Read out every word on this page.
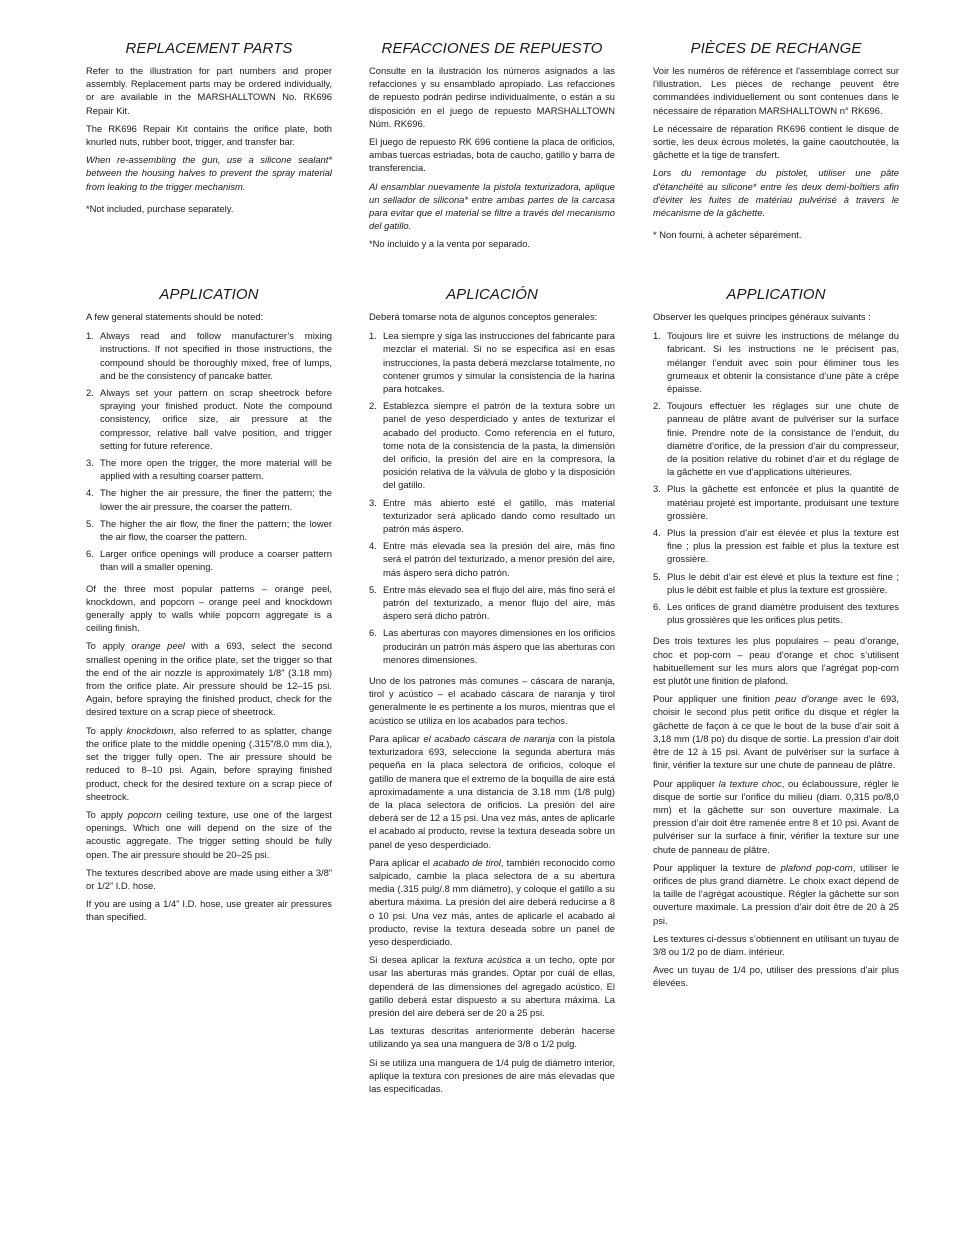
REPLACEMENT PARTS

Refer to the illustration for part numbers and proper assembly. Replacement parts may be ordered individually, or are available in the MARSHALLTOWN No. RK696 Repair Kit.

The RK696 Repair Kit contains the orifice plate, both knurled nuts, rubber boot, trigger, and transfer bar.

When re-assembling the gun, use a silicone sealant* between the housing halves to prevent the spray material from leaking to the trigger mechanism.

*Not included, purchase separately.

REFACCIONES DE REPUESTO

Consulte en la ilustración los números asignados a las refacciones y su ensamblado apropiado. Las refacciones de repuesto podrán pedirse individualmente, o están a su disposición en el juego de repuesto MARSHALLTOWN Núm. RK696.

El juego de repuesto RK 696 contiene la placa de orificios, ambas tuercas estriadas, bota de caucho, gatillo y barra de transferencia.

Al ensamblar nuevamente la pistola texturizadora, aplique un sellador de silicona* entre ambas partes de la carcasa para evitar que el material se filtre a través del mecanismo del gatillo.

*No incluido y a la venta por separado.

PIÈCES DE RECHANGE

Voir les numéros de référence et l'assemblage correct sur l'illustration. Les pièces de rechange peuvent être commandées individuellement ou sont contenues dans le nécessaire de réparation MARSHALLTOWN n° RK696.

Le nécessaire de réparation RK696 contient le disque de sortie, les deux écrous moletés, la gaine caoutchoutée, la gâchette et la tige de transfert.

Lors du remontage du pistolet, utiliser une pâte d'étanchéité au silicone* entre les deux demi-boîtiers afin d'éviter les fuites de matériau pulvérisé à travers le mécanisme de la gâchette.

* Non fourni, à acheter séparément.

APPLICATION

A few general statements should be noted:

1. Always read and follow manufacturer’s mixing instructions. If not specified in those instructions, the compound should be thoroughly mixed, free of lumps, and be the consistency of pancake batter.
2. Always set your pattern on scrap sheetrock before spraying your finished product. Note the compound consistency, orifice size, air pressure at the compressor, relative ball valve position, and trigger setting for future reference.
3. The more open the trigger, the more material will be applied with a resulting coarser pattern.
4. The higher the air pressure, the finer the pattern; the lower the air pressure, the coarser the pattern.
5. The higher the air flow, the finer the pattern; the lower the air flow, the coarser the pattern.
6. Larger orifice openings will produce a coarser pattern than will a smaller opening.

Of the three most popular patterns – orange peel, knockdown, and popcorn – orange peel and knockdown generally apply to walls while popcorn aggregate is a ceiling finish.

To apply orange peel with a 693, select the second smallest opening in the orifice plate, set the trigger so that the end of the air nozzle is approximately 1/8” (3.18 mm) from the orifice plate. Air pressure should be 12–15 psi. Again, before spraying the finished product, check for the desired texture on a scrap piece of sheetrock.

To apply knockdown, also referred to as splatter, change the orifice plate to the middle opening (.315”/8.0 mm dia.), set the trigger fully open. The air pressure should be reduced to 8–10 psi. Again, before spraying finished product, check for the desired texture on a scrap piece of sheetrock.

To apply popcorn ceiling texture, use one of the largest openings. Which one will depend on the size of the acoustic aggregate. The trigger setting should be fully open. The air pressure should be 20–25 psi.

The textures described above are made using either a 3/8” or 1/2” I.D. hose.

If you are using a 1/4” I.D. hose, use greater air pressures than specified.

APLICACIÓN

Deberá tomarse nota de algunos conceptos generales:

1. Lea siempre y siga las instrucciones del fabricante para mezclar el material. Si no se especifica así en esas instrucciones, la pasta deberá mezclarse totalmente, no contener grumos y simular la consistencia de la harina para hotcakes.
2. Establezca siempre el patrón de la textura sobre un panel de yeso desperdiciado y antes de texturizar el acabado del producto. Como referencia en el futuro, tome nota de la consistencia de la pasta, la dimensión del orificio, la presión del aire en la compresora, la posición relativa de la válvula de globo y la disposición del gatillo.
3. Entre más abierto esté el gatillo, más material texturizador será aplicado dando como resultado un patrón más áspero.
4. Entre más elevada sea la presión del aire, más fino será el patrón del texturizado, a menor presión del aire, más áspero será dicho patrón.
5. Entre más elevado sea el flujo del aire, más fino será el patrón del texturizado, a menor flujo del aire, más áspero será dicho patrón.
6. Las aberturas con mayores dimensiones en los orificios producirán un patrón más áspero que las aberturas con menores dimensiones.

Uno de los patrones más comunes – cáscara de naranja, tirol y acústico – el acabado cáscara de naranja y tirol generalmente le es pertinente a los muros, mientras que el acústico se utiliza en los acabados para techos.

Para aplicar el acabado cáscara de naranja con la pistola texturizadora 693, seleccione la segunda abertura más pequeña en la placa selectora de orificios, coloque el gatillo de manera que el extremo de la boquilla de aire está aproximadamente a una distancia de 3.18 mm (1/8 pulg) de la placa selectora de orificios. La presión del aire deberá ser de 12 a 15 psi. Una vez más, antes de aplicarle el acabado al producto, revise la textura deseada sobre un panel de yeso desperdiciado.

Para aplicar el acabado de tirol, también reconocido como salpicado, cambie la placa selectora de a su abertura media (.315 pulg/.8 mm diámetro), y coloque el gatillo a su abertura máxima. La presión del aire deberá reducirse a 8 o 10 psi. Una vez más, antes de aplicarle el acabado al producto, revise la textura deseada sobre un panel de yeso desperdiciado.

Si desea aplicar la textura acústica a un techo, opte por usar las aberturas más grandes. Optar por cuál de ellas, dependerá de las dimensiones del agregado acústico. El gatillo deberá estar dispuesto a su abertura máxima. La presión del aire deberá ser de 20 a 25 psi.

Las texturas descritas anteriormente deberán hacerse utilizando ya sea una manguera de 3/8 o 1/2 pulg.

Si se utiliza una manguera de 1/4 pulg de diámetro interior, aplique la textura con presiones de aire más elevadas que las especificadas.

APPLICATION

Observer les quelques principes généraux suivants :

1. Toujours lire et suivre les instructions de mélange du fabricant. Si les instructions ne le précisent pas, mélanger l’enduit avec soin pour éliminer tous les grumeaux et obtenir la consistance d’une pâte à crêpe épaisse.
2. Toujours effectuer les réglages sur une chute de panneau de plâtre avant de pulvériser sur la surface finie. Prendre note de la consistance de l’enduit, du diamètre d’orifice, de la pression d’air du compresseur, de la position relative du robinet d’air et du réglage de la gâchette en vue d’applications ultérieures.
3. Plus la gâchette est enfoncée et plus la quantité de matériau projeté est importante, produisant une texture grossière.
4. Plus la pression d’air est élevée et plus la texture est fine ; plus la pression est faible et plus la texture est grossière.
5. Plus le débit d’air est élevé et plus la texture est fine ; plus le débit est faible et plus la texture est grossière.
6. Les orifices de grand diamètre produisent des textures plus grossières que les orifices plus petits.

Des trois textures les plus populaires – peau d’orange, choc et pop-corn – peau d’orange et choc s’utilisent habituellement sur les murs alors que l’agrégat pop-corn est plutôt une finition de plafond.

Pour appliquer une finition peau d’orange avec le 693, choisir le second plus petit orifice du disque et régler la gâchette de façon à ce que le bout de la buse d’air soit à 3,18 mm (1/8 po) du disque de sortie. La pression d’air doit être de 12 à 15 psi. Avant de pulvériser sur la surface à finir, vérifier la texture sur une chute de panneau de plâtre.

Pour appliquer la texture choc, ou éclaboussure, régler le disque de sortie sur l’orifice du milieu (diam. 0,315 po/8,0 mm) et la gâchette sur son ouverture maximale. La pression d’air doit être ramenée entre 8 et 10 psi. Avant de pulvériser sur la surface à finir, vérifier la texture sur une chute de panneau de plâtre.

Pour appliquer la texture de plafond pop-corn, utiliser le orifices de plus grand diamètre. Le choix exact dépend de la taille de l’agrégat acoustique. Régler la gâchette sur son ouverture maximale. La pression d’air doit être de 20 à 25 psi.

Les textures ci-dessus s’obtiennent en utilisant un tuyau de 3/8 ou 1/2 po de diam. intérieur.

Avec un tuyau de 1/4 po, utiliser des pressions d’air plus élevées.
